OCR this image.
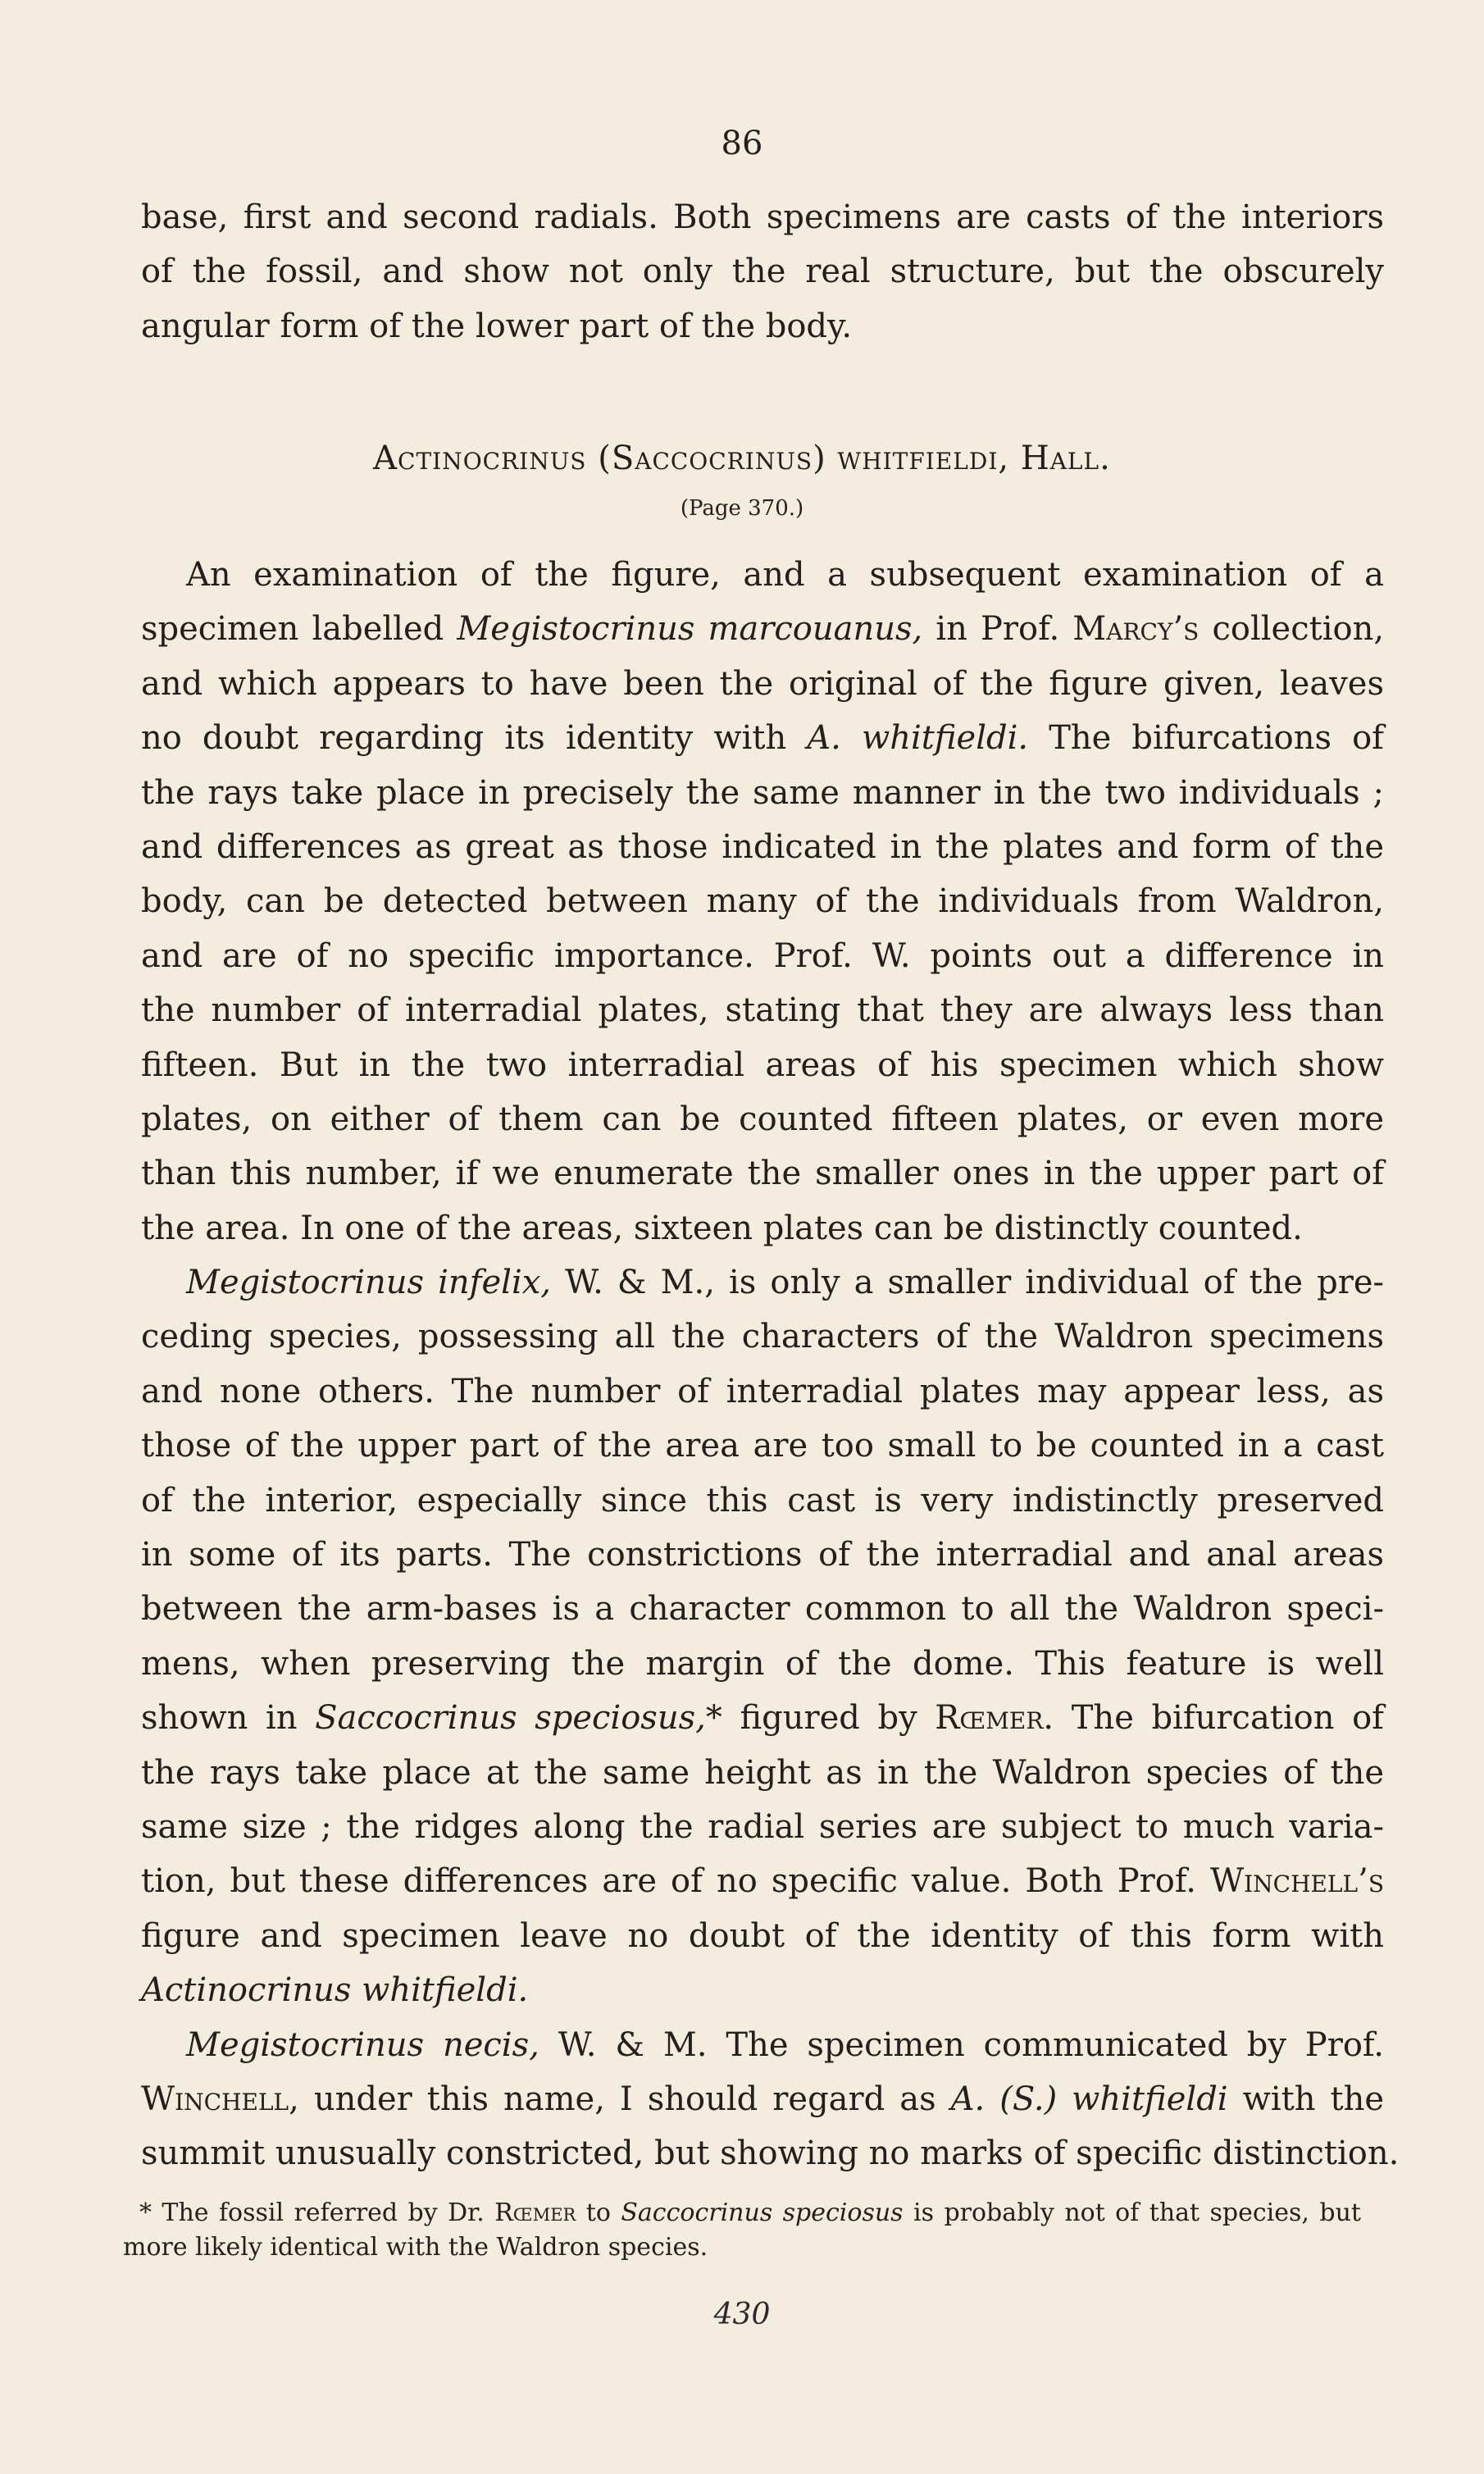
86
base, first and second radials. Both specimens are casts of the interiors
of the fossil, and show not only the real structure, but the obscurely
angular form of the lower part of the body.
Actinocrinus (Saccocrinus) whitfieldi, Hall.
(Page 370.)
An examination of the figure, and a subsequent examination of a
specimen labelled Megistocrinus marcouanus, in Prof. Marcy’s collection,
and which appears to have been the original of the figure given, leaves
no doubt regarding its identity with A. whitfieldi. The bifurcations of
the rays take place in precisely the same manner in the two individuals ;
and differences as great as those indicated in the plates and form of the
body, can be detected between many of the individuals from Waldron,
and are of no specific importance. Prof. W. points out a difference in
the number of interradial plates, stating that they are always less than
fifteen. But in the two interradial areas of his specimen which show
plates, on either of them can be counted fifteen plates, or even more
than this number, if we enumerate the smaller ones in the upper part of
the area. In one of the areas, sixteen plates can be distinctly counted.
Megistocrinus infelix, W. & M., is only a smaller individual of the pre-
ceding species, possessing all the characters of the Waldron specimens
and none others. The number of interradial plates may appear less, as
those of the upper part of the area are too small to be counted in a cast
of the interior, especially since this cast is very indistinctly preserved
in some of its parts. The constrictions of the interradial and anal areas
between the arm-bases is a character common to all the Waldron speci-
mens, when preserving the margin of the dome. This feature is well
shown in Saccocrinus speciosus,* figured by Rœmer. The bifurcation of
the rays take place at the same height as in the Waldron species of the
same size ; the ridges along the radial series are subject to much varia-
tion, but these differences are of no specific value. Both Prof. Winchell’s
figure and specimen leave no doubt of the identity of this form with
Actinocrinus whitfieldi.
Megistocrinus necis, W. & M. The specimen communicated by Prof.
Winchell, under this name, I should regard as A. (S.) whitfieldi with the
summit unusually constricted, but showing no marks of specific distinction.
* The fossil referred by Dr. Rœmer to Saccocrinus speciosus is probably not of that species, but
more likely identical with the Waldron species.
430
